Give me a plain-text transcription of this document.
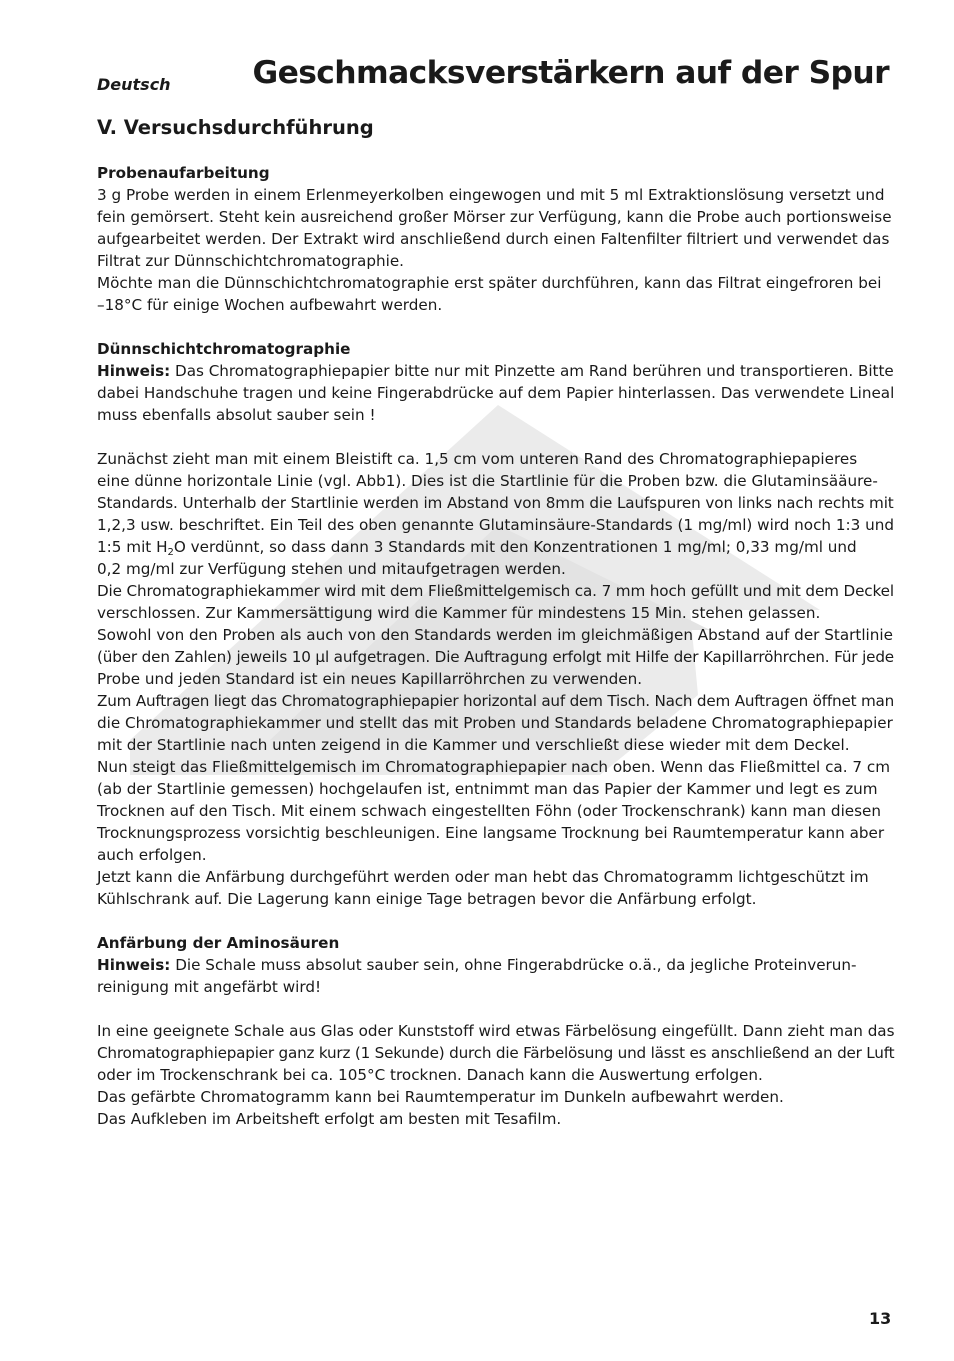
Deutsch	Geschmacksverstärkern auf der Spur
V. Versuchsdurchführung
Probenaufarbeitung
3 g Probe werden in einem Erlenmeyerkolben eingewogen und mit 5 ml Extraktionslösung versetzt und
fein gemörsert. Steht kein ausreichend großer Mörser zur Verfügung, kann die Probe auch portionsweise
aufgearbeitet werden. Der Extrakt wird anschließend durch einen Faltenfilter filtriert und verwendet das
Filtrat zur Dünnschichtchromatographie.
Möchte man die Dünnschichtchromatographie erst später durchführen, kann das Filtrat eingefroren bei
–18°C für einige Wochen aufbewahrt werden.
Dünnschichtchromatographie
Hinweis: Das Chromatographiepapier bitte nur mit Pinzette am Rand berühren und transportieren. Bitte
dabei Handschuhe tragen und keine Fingerabdrücke auf dem Papier hinterlassen. Das verwendete Lineal
muss ebenfalls absolut sauber sein !
Zunächst zieht man mit einem Bleistift ca. 1,5 cm vom unteren Rand des Chromatographiepapieres
eine dünne horizontale Linie (vgl. Abb1). Dies ist die Startlinie für die Proben bzw. die Glutaminsääure-
Standards. Unterhalb der Startlinie werden im Abstand von 8mm die Laufspuren von links nach rechts mit
1,2,3 usw. beschriftet. Ein Teil des oben genannte Glutaminsäure-Standards (1 mg/ml) wird noch 1:3 und
1:5 mit $H_2O$ verdünnt, so dass dann 3 Standards mit den Konzentrationen 1 mg/ml; 0,33 mg/ml und
0,2 mg/ml zur Verfügung stehen und mitaufgetragen werden.
Die Chromatographiekammer wird mit dem Fließmittelgemisch ca. 7 mm hoch gefüllt und mit dem Deckel
verschlossen. Zur Kammersättigung wird die Kammer für mindestens 15 Min. stehen gelassen.
Sowohl von den Proben als auch von den Standards werden im gleichmäßigen Abstand auf der Startlinie
(über den Zahlen) jeweils 10 µl aufgetragen. Die Auftragung erfolgt mit Hilfe der Kapillarröhrchen. Für jede
Probe und jeden Standard ist ein neues Kapillarröhrchen zu verwenden.
Zum Auftragen liegt das Chromatographiepapier horizontal auf dem Tisch. Nach dem Auftragen öffnet man
die Chromatographiekammer und stellt das mit Proben und Standards beladene Chromatographiepapier
mit der Startlinie nach unten zeigend in die Kammer und verschließt diese wieder mit dem Deckel.
Nun steigt das Fließmittelgemisch im Chromatographiepapier nach oben. Wenn das Fließmittel ca. 7 cm
(ab der Startlinie gemessen) hochgelaufen ist, entnimmt man das Papier der Kammer und legt es zum
Trocknen auf den Tisch. Mit einem schwach eingestellten Föhn (oder Trockenschrank) kann man diesen
Trocknungsprozess vorsichtig beschleunigen. Eine langsame Trocknung bei Raumtemperatur kann aber
auch erfolgen.
Jetzt kann die Anfärbung durchgeführt werden oder man hebt das Chromatogramm lichtgeschützt im
Kühlschrank auf. Die Lagerung kann einige Tage betragen bevor die Anfärbung erfolgt.
Anfärbung der Aminosäuren
Hinweis: Die Schale muss absolut sauber sein, ohne Fingerabdrücke o.ä., da jegliche Proteinverun-
reinigung mit angefärbt wird!
In eine geeignete Schale aus Glas oder Kunststoff wird etwas Färbelösung eingefüllt. Dann zieht man das
Chromatographiepapier ganz kurz (1 Sekunde) durch die Färbelösung und lässt es anschließend an der Luft
oder im Trockenschrank bei ca. 105°C trocknen. Danach kann die Auswertung erfolgen.
Das gefärbte Chromatogramm kann bei Raumtemperatur im Dunkeln aufbewahrt werden.
Das Aufkleben im Arbeitsheft erfolgt am besten mit Tesafilm.
13
